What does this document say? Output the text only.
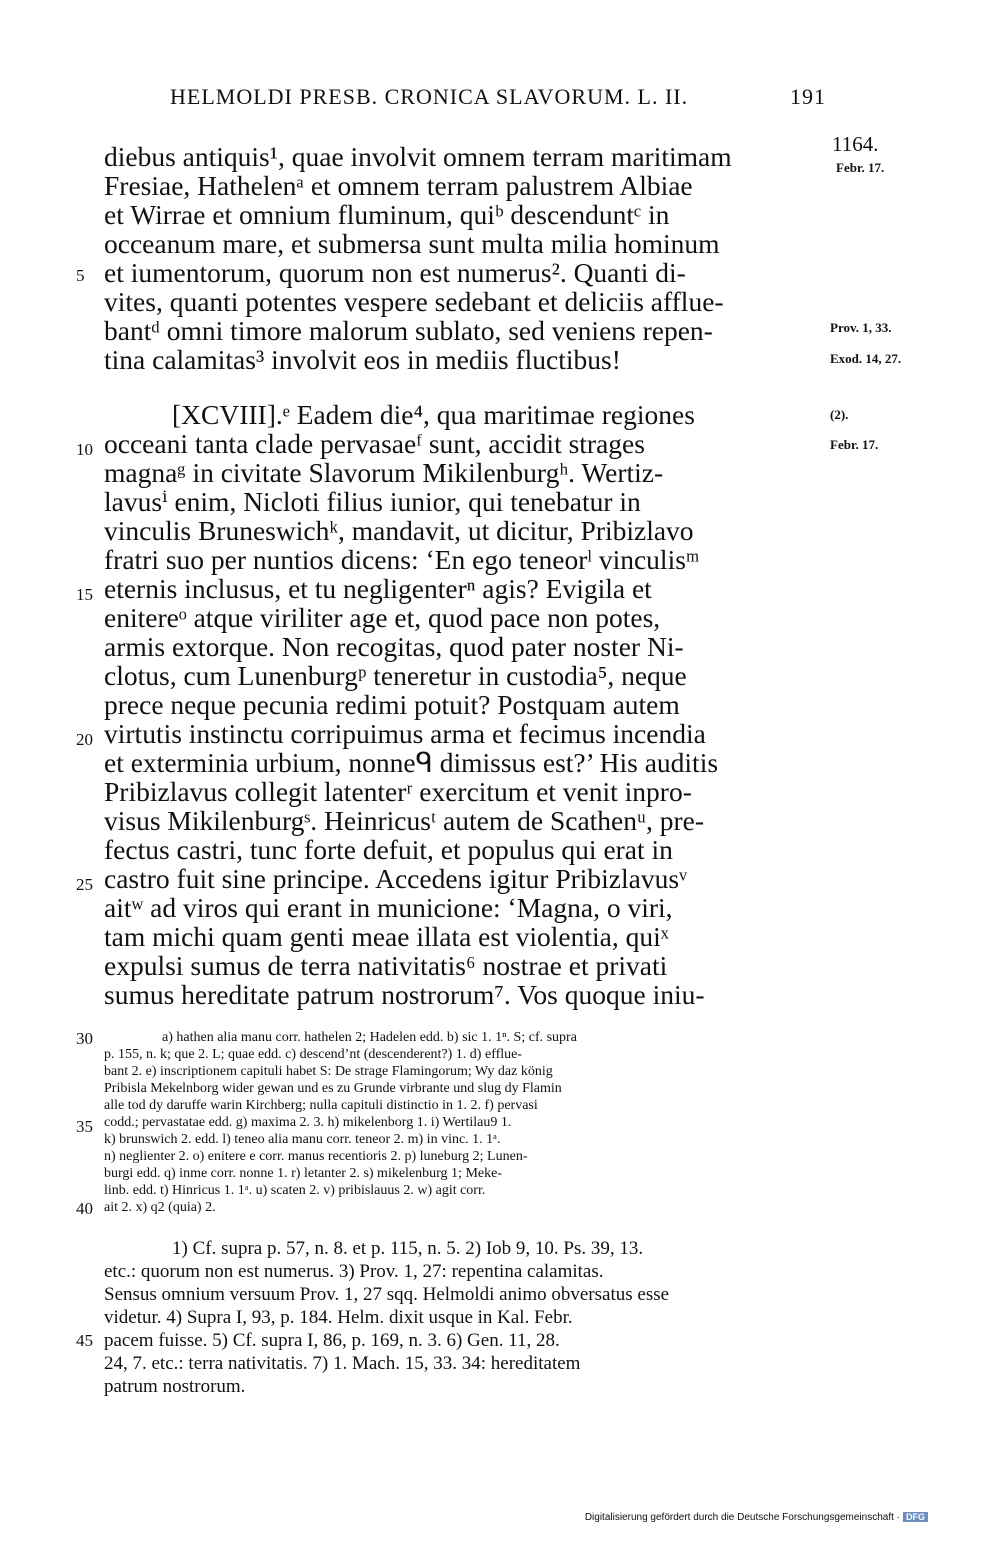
HELMOLDI PRESB. CRONICA SLAVORUM. L. II.	191
1164.
Febr. 17.
Prov. 1, 33.
Exod. 14, 27.
(2).
Febr. 17.
diebus antiquis¹, quae involvit omnem terram maritimam
Fresiae, Hathelenᵃ et omnem terram palustrem Albiae
et Wirrae et omnium fluminum, quiᵇ descenduntᶜ in
occeanum mare, et submersa sunt multa milia hominum
et iumentorum, quorum non est numerus². Quanti di-
vites, quanti potentes vespere sedebant et deliciis afflue-
bantᵈ omni timore malorum sublato, sed veniens repen-
tina calamitas³ involvit eos in mediis fluctibus!
[XCVIII].ᵉ Eadem die⁴, qua maritimae regiones
occeani tanta clade pervasaeᶠ sunt, accidit strages
magnaᵍ in civitate Slavorum Mikilenburgʰ. Wertiz-
lavusⁱ enim, Nicloti filius iunior, qui tenebatur in
vinculis Bruneswichᵏ, mandavit, ut dicitur, Pribizlavo
fratri suo per nuntios dicens: ‘En ego teneorˡ vinculisᵐ
eternis inclusus, et tu negligenterⁿ agis? Evigila et
enitereᵒ atque viriliter age et, quod pace non potes,
armis extorque. Non recogitas, quod pater noster Ni-
clotus, cum Lunenburgᵖ teneretur in custodia⁵, neque
prece neque pecunia redimi potuit? Postquam autem
virtutis instinctu corripuimus arma et fecimus incendia
et exterminia urbium, nonneᑫ dimissus est?’ His auditis
Pribizlavus collegit latenterʳ exercitum et venit inpro-
visus Mikilenburgˢ. Heinricusᵗ autem de Scathenᵘ, pre-
fectus castri, tunc forte defuit, et populus qui erat in
castro fuit sine principe. Accedens igitur Pribizlavusᵛ
aitʷ ad viros qui erant in municione: ‘Magna, o viri,
tam michi quam genti meae illata est violentia, quiˣ
expulsi sumus de terra nativitatis⁶ nostrae et privati
sumus hereditate patrum nostrorum⁷. Vos quoque iniu-
5
10
15
20
25
30
35
40
45
a) hathen alia manu corr. hathelen 2; Hadelen edd. b) sic 1. 1ⁿ. S; cf. supra
p. 155, n. k; que 2. L; quae edd. c) descend’nt (descenderent?) 1. d) efflue-
bant 2. e) inscriptionem capituli habet S: De strage Flamingorum; Wy daz könig
Pribisla Mekelnborg wider gewan und es zu Grunde virbrante und slug dy Flamin
alle tod dy daruffe warin Kirchberg; nulla capituli distinctio in 1. 2. f) pervasi
codd.; pervastatae edd. g) maxima 2. 3. h) mikelenborg 1. i) Wertilau9 1.
k) brunswich 2. edd. l) teneo alia manu corr. teneor 2. m) in vinc. 1. 1ᵃ.
n) neglienter 2. o) enitere e corr. manus recentioris 2. p) luneburg 2; Lunen-
burgi edd. q) inme corr. nonne 1. r) letanter 2. s) mikelenburg 1; Meke-
linb. edd. t) Hinricus 1. 1ᵃ. u) scaten 2. v) pribislauus 2. w) agit corr.
ait 2. x) q2 (quia) 2.
1) Cf. supra p. 57, n. 8. et p. 115, n. 5. 2) Iob 9, 10. Ps. 39, 13.
etc.: quorum non est numerus. 3) Prov. 1, 27: repentina calamitas.
Sensus omnium versuum Prov. 1, 27 sqq. Helmoldi animo obversatus esse
videtur. 4) Supra I, 93, p. 184. Helm. dixit usque in Kal. Febr.
pacem fuisse. 5) Cf. supra I, 86, p. 169, n. 3. 6) Gen. 11, 28.
24, 7. etc.: terra nativitatis. 7) 1. Mach. 15, 33. 34: hereditatem
patrum nostrorum.
Digitalisierung gefördert durch die Deutsche Forschungsgemeinschaft · DFG
